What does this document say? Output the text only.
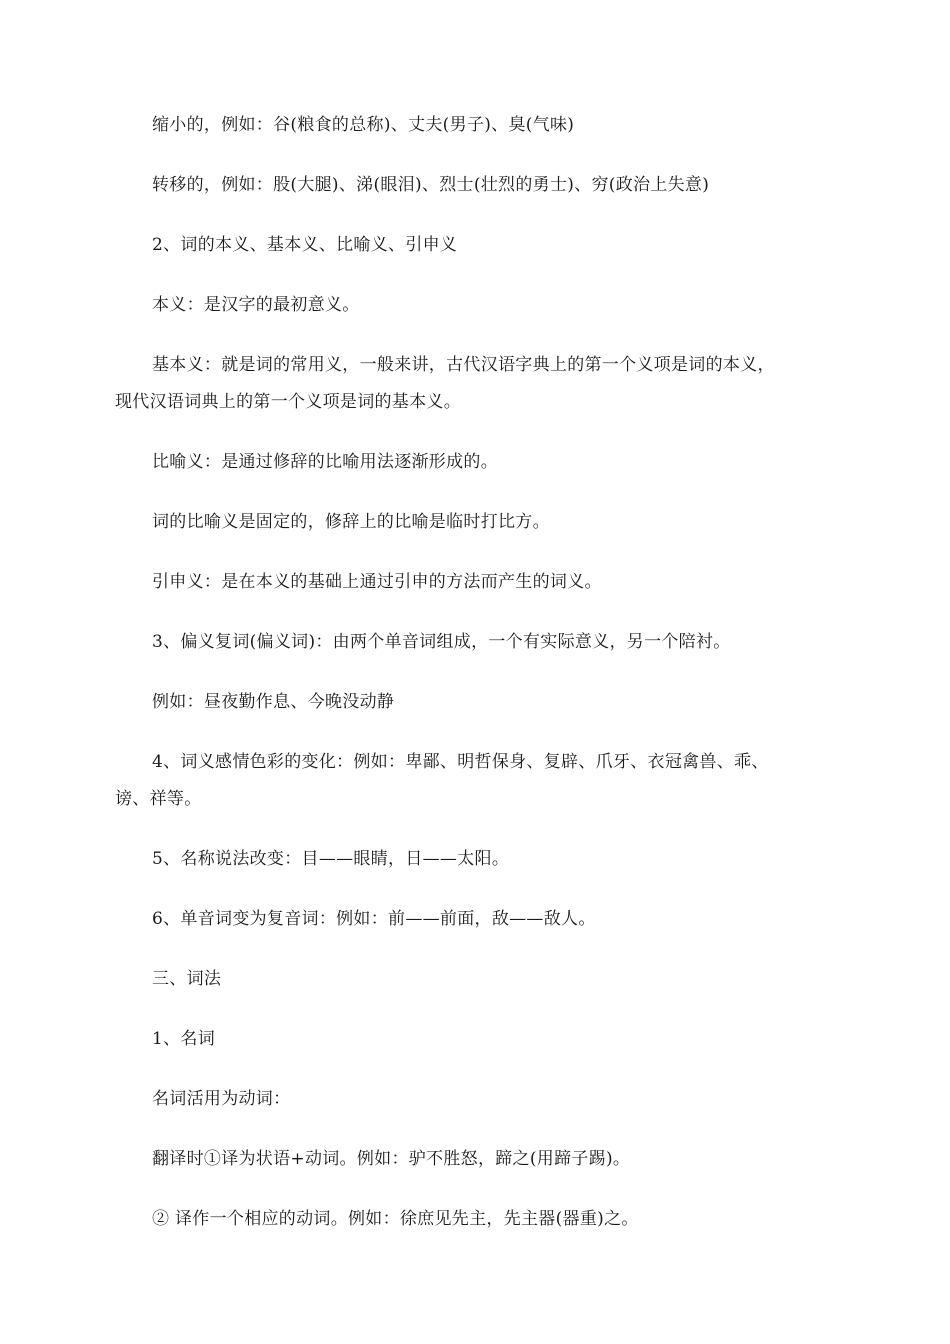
缩小的，例如：谷(粮食的总称)、丈夫(男子)、臭(气味)
转移的，例如：股(大腿)、涕(眼泪)、烈士(壮烈的勇士)、穷(政治上失意)
2、词的本义、基本义、比喻义、引申义
本义：是汉字的最初意义。
基本义：就是词的常用义，一般来讲，古代汉语字典上的第一个义项是词的本义，
现代汉语词典上的第一个义项是词的基本义。
比喻义：是通过修辞的比喻用法逐渐形成的。
词的比喻义是固定的，修辞上的比喻是临时打比方。
引申义：是在本义的基础上通过引申的方法而产生的词义。
3、偏义复词(偏义词)：由两个单音词组成，一个有实际意义，另一个陪衬。
例如：昼夜勤作息、今晚没动静
4、词义感情色彩的变化：例如：卑鄙、明哲保身、复辟、爪牙、衣冠禽兽、乖、
谤、祥等。
5、名称说法改变：目——眼睛，日——太阳。
6、单音词变为复音词：例如：前——前面，敌——敌人。
三、词法
1、名词
名词活用为动词：
翻译时①译为状语+动词。例如：驴不胜怒，蹄之(用蹄子踢)。
② 译作一个相应的动词。例如：徐庶见先主，先主器(器重)之。
